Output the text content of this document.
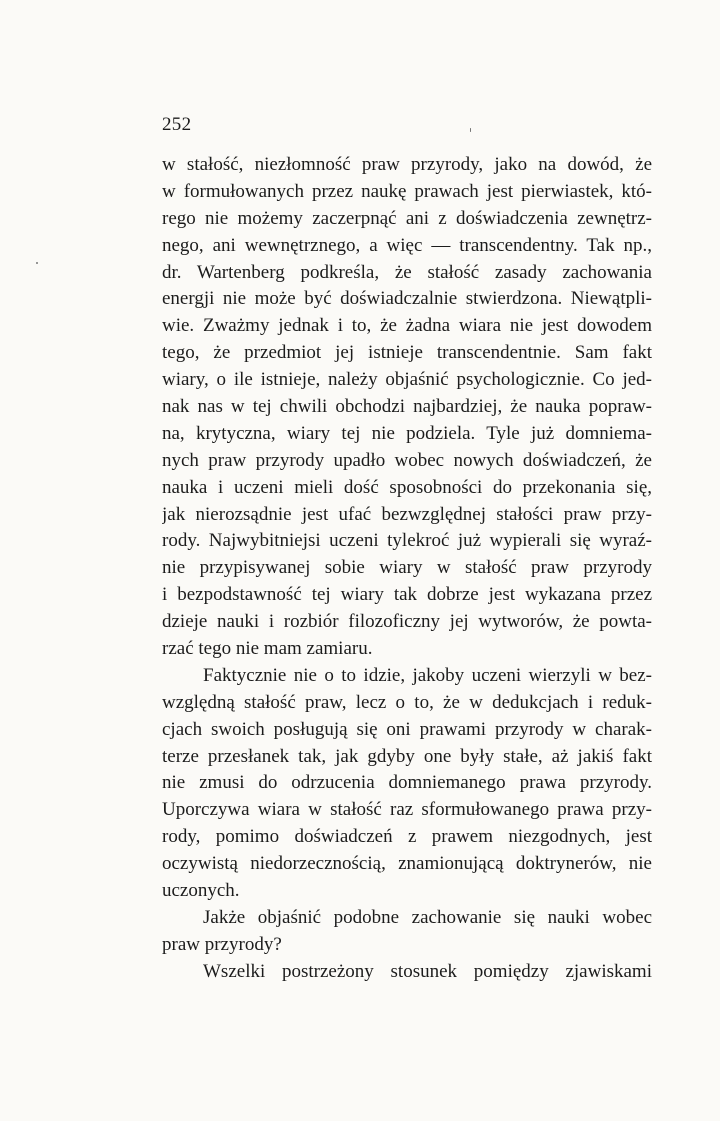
252
w stałość, niezłomność praw przyrody, jako na dowód, że
w formułowanych przez naukę prawach jest pierwiastek, któ-
rego nie możemy zaczerpnąć ani z doświadczenia zewnętrz-
nego, ani wewnętrznego, a więc — transcendentny. Tak np.,
dr. Wartenberg podkreśla, że stałość zasady zachowania
energji nie może być doświadczalnie stwierdzona. Niewątpli-
wie. Zważmy jednak i to, że żadna wiara nie jest dowodem
tego, że przedmiot jej istnieje transcendentnie. Sam fakt
wiary, o ile istnieje, należy objaśnić psychologicznie. Co jed-
nak nas w tej chwili obchodzi najbardziej, że nauka popraw-
na, krytyczna, wiary tej nie podziela. Tyle już domniema-
nych praw przyrody upadło wobec nowych doświadczeń, że
nauka i uczeni mieli dość sposobności do przekonania się,
jak nierozsądnie jest ufać bezwzględnej stałości praw przy-
rody. Najwybitniejsi uczeni tylekroć już wypierali się wyraź-
nie przypisywanej sobie wiary w stałość praw przyrody
i bezpodstawność tej wiary tak dobrze jest wykazana przez
dzieje nauki i rozbiór filozoficzny jej wytworów, że powta-
rzać tego nie mam zamiaru.
Faktycznie nie o to idzie, jakoby uczeni wierzyli w bez-
względną stałość praw, lecz o to, że w dedukcjach i reduk-
cjach swoich posługują się oni prawami przyrody w charak-
terze przesłanek tak, jak gdyby one były stałe, aż jakiś fakt
nie zmusi do odrzucenia domniemanego prawa przyrody.
Uporczywa wiara w stałość raz sformułowanego prawa przy-
rody, pomimo doświadczeń z prawem niezgodnych, jest
oczywistą niedorzecznością, znamionującą doktrynerów, nie
uczonych.
Jakże objaśnić podobne zachowanie się nauki wobec
praw przyrody?
Wszelki postrzeżony stosunek pomiędzy zjawiskami
